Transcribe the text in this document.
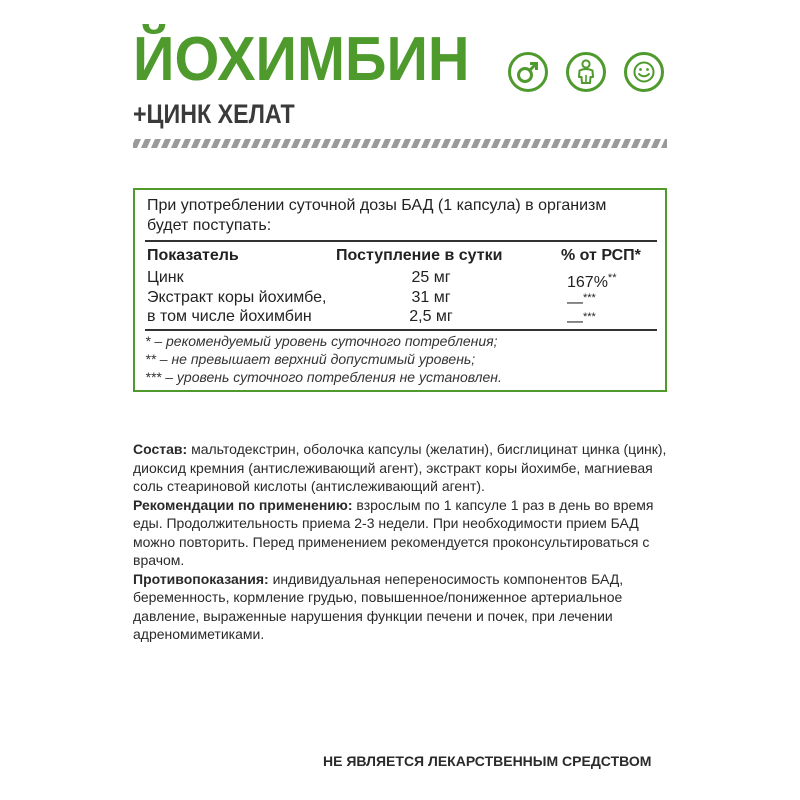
ЙОХИМБИН
+ЦИНК ХЕЛАТ
При употреблении суточной дозы БАД (1 капсула) в организм будет поступать:
Показатель	Поступление в сутки	% от РСП*
Цинк	25 мг	167%**
Экстракт коры йохимбе,	31 мг	—***
в том числе йохимбин	2,5 мг	—***
* – рекомендуемый уровень суточного потребления;
** – не превышает верхний допустимый уровень;
*** – уровень суточного потребления не установлен.

Состав: мальтодекстрин, оболочка капсулы (желатин), бисглицинат цинка (цинк), диоксид кремния (антислеживающий агент), экстракт коры йохимбе, магниевая соль стеариновой кислоты (антислеживающий агент).

Рекомендации по применению: взрослым по 1 капсуле 1 раз в день во время еды. Продолжительность приема 2-3 недели. При необходимости прием БАД можно повторить. Перед применением рекомендуется проконсультироваться с врачом.

Противопоказания: индивидуальная непереносимость компонентов БАД, беременность, кормление грудью, повышенное/пониженное артериальное давление, выраженные нарушения функции печени и почек, при лечении адреномиметиками.

НЕ ЯВЛЯЕТСЯ ЛЕКАРСТВЕННЫМ СРЕДСТВОМ
